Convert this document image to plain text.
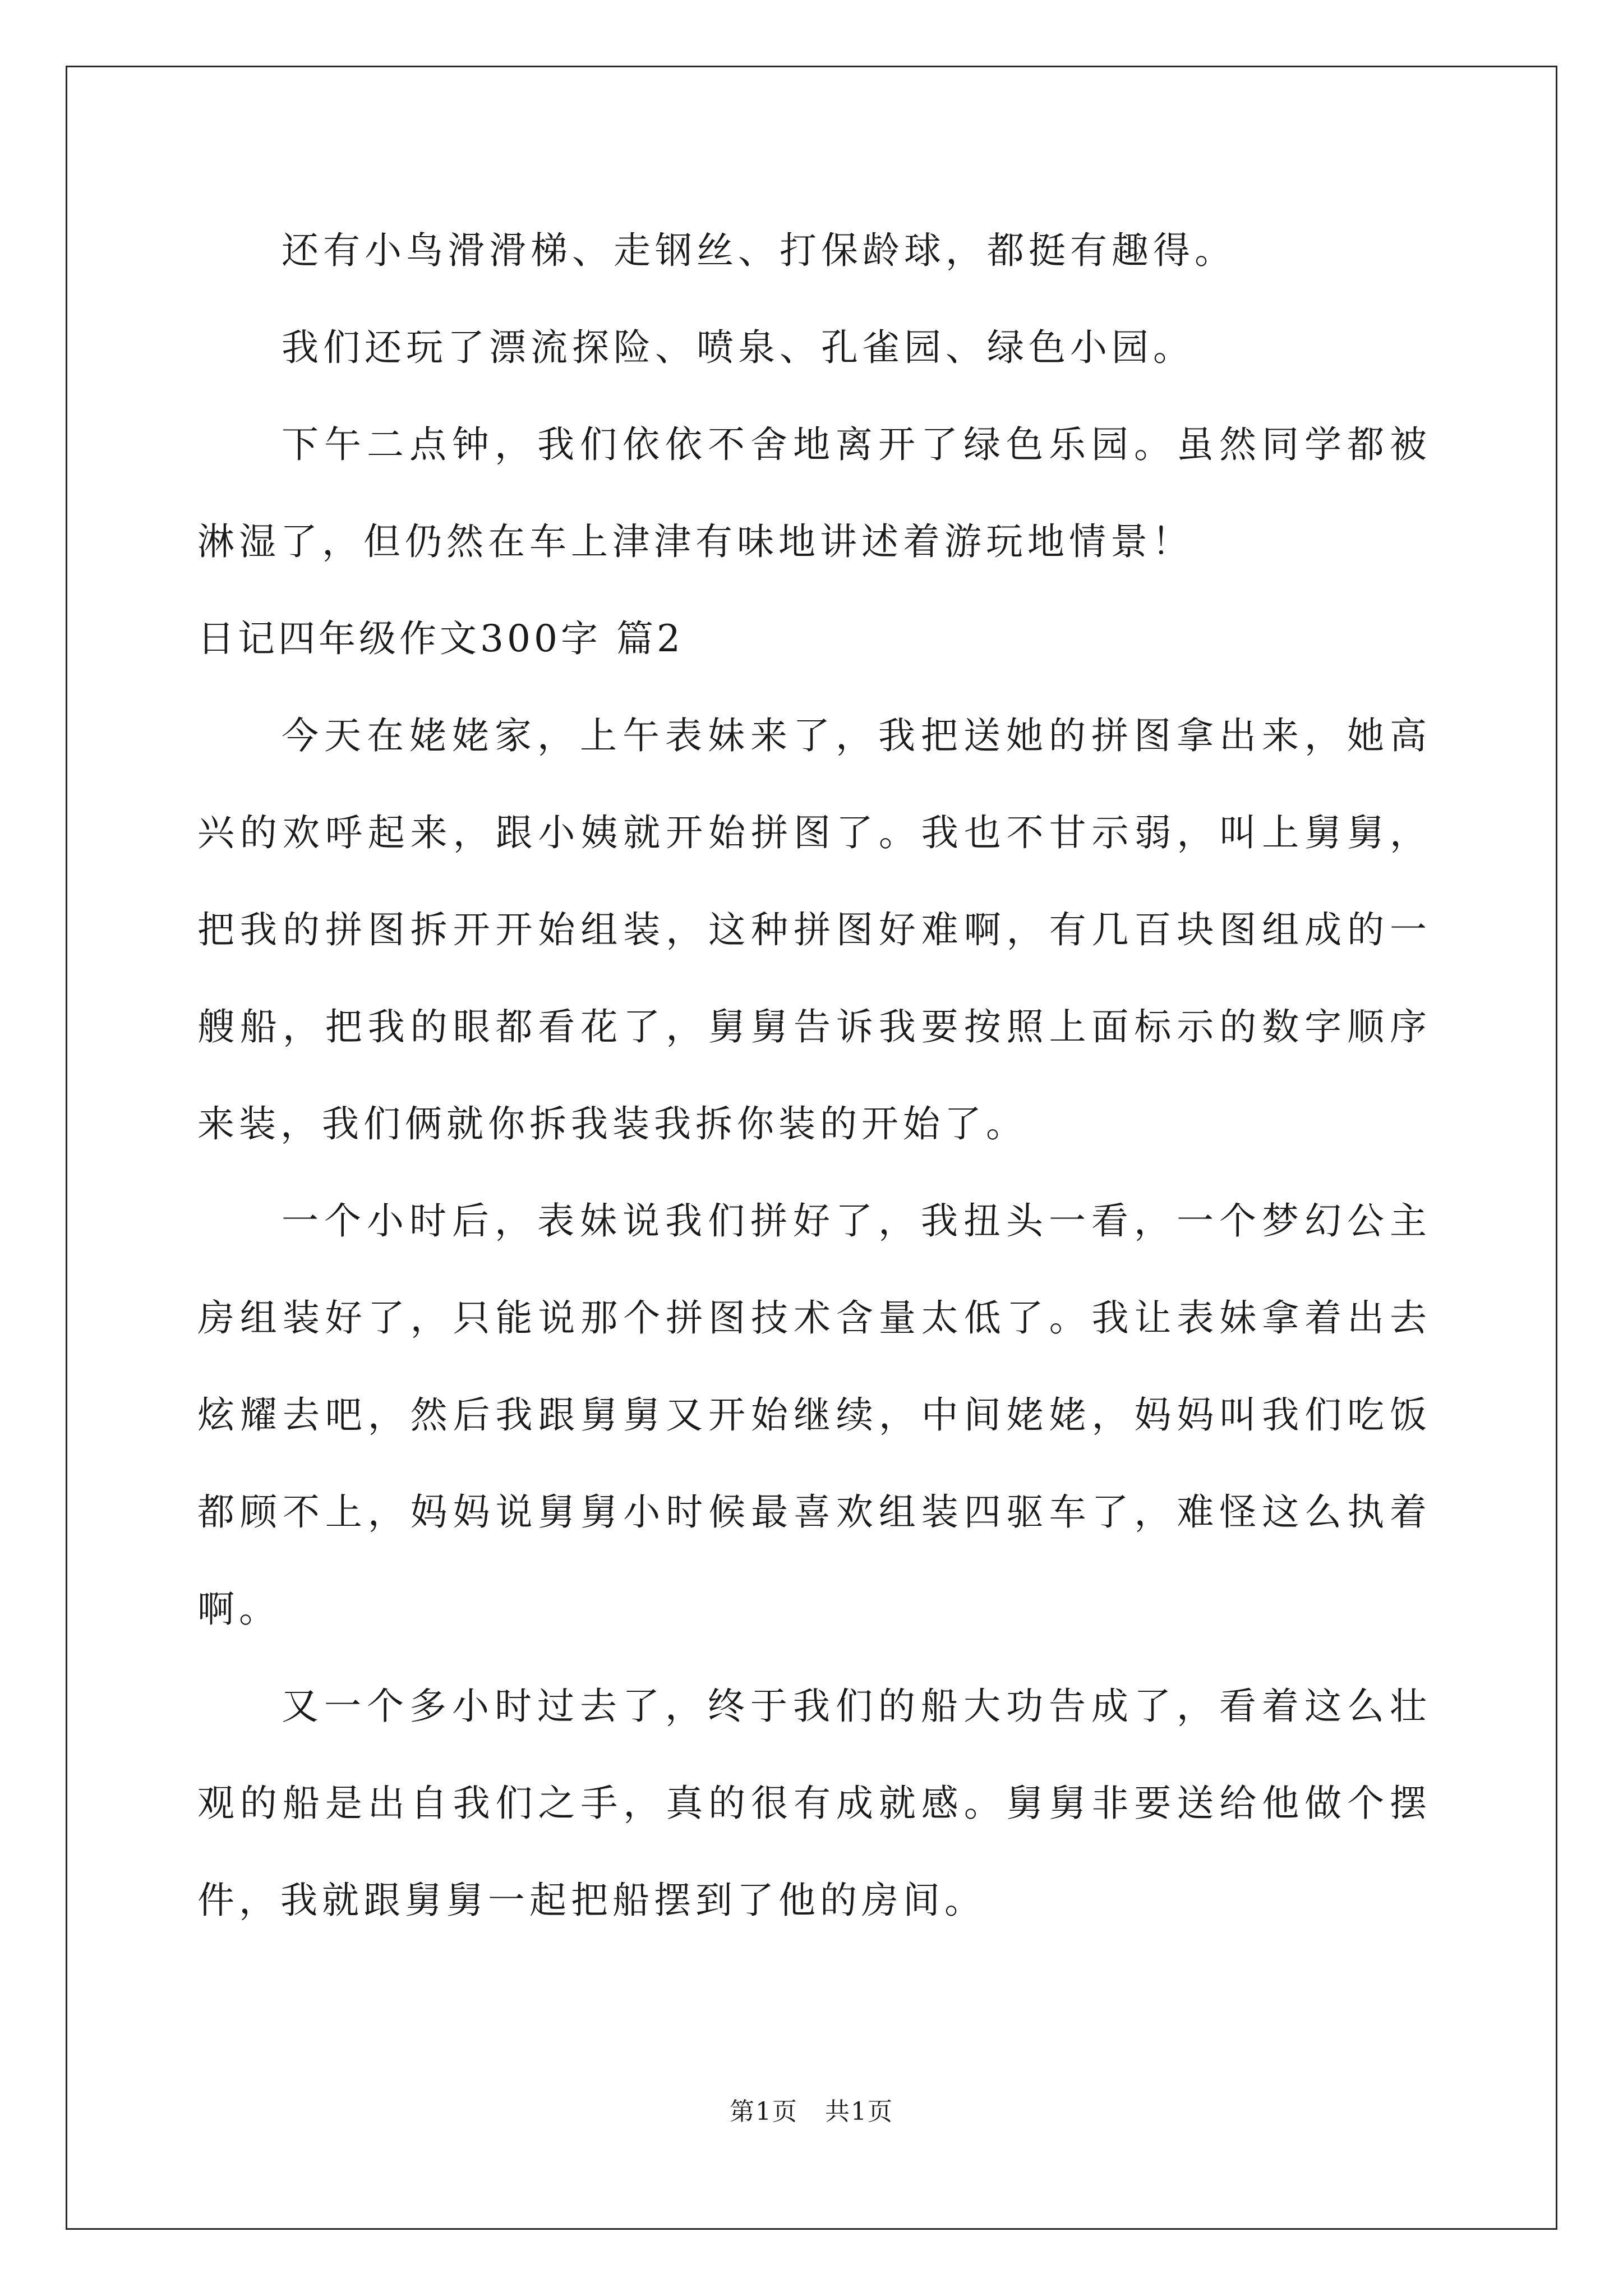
还有小鸟滑滑梯、走钢丝、打保龄球，都挺有趣得。

我们还玩了漂流探险、喷泉、孔雀园、绿色小园。

下午二点钟，我们依依不舍地离开了绿色乐园。虽然同学都被淋湿了，但仍然在车上津津有味地讲述着游玩地情景！

日记四年级作文300字 篇2

今天在姥姥家，上午表妹来了，我把送她的拼图拿出来，她高兴的欢呼起来，跟小姨就开始拼图了。我也不甘示弱，叫上舅舅，把我的拼图拆开开始组装，这种拼图好难啊，有几百块图组成的一艘船，把我的眼都看花了，舅舅告诉我要按照上面标示的数字顺序来装，我们俩就你拆我装我拆你装的开始了。

一个小时后，表妹说我们拼好了，我扭头一看，一个梦幻公主房组装好了，只能说那个拼图技术含量太低了。我让表妹拿着出去炫耀去吧，然后我跟舅舅又开始继续，中间姥姥，妈妈叫我们吃饭都顾不上，妈妈说舅舅小时候最喜欢组装四驱车了，难怪这么执着啊。

又一个多小时过去了，终于我们的船大功告成了，看着这么壮观的船是出自我们之手，真的很有成就感。舅舅非要送给他做个摆件，我就跟舅舅一起把船摆到了他的房间。

第1页 共1页
